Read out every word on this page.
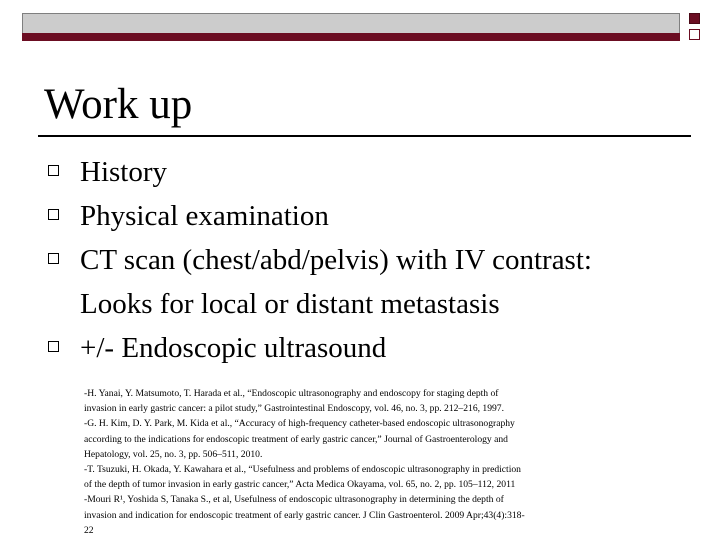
Work up
History
Physical examination
CT scan (chest/abd/pelvis) with IV contrast:
Looks for local or distant metastasis
+/- Endoscopic ultrasound
-H. Yanai, Y. Matsumoto, T. Harada et al., “Endoscopic ultrasonography and endoscopy for staging depth of
invasion in early gastric cancer: a pilot study,” Gastrointestinal Endoscopy, vol. 46, no. 3, pp. 212–216, 1997.
-G. H. Kim, D. Y. Park, M. Kida et al., “Accuracy of high-frequency catheter-based endoscopic ultrasonography
according to the indications for endoscopic treatment of early gastric cancer,” Journal of Gastroenterology and
Hepatology, vol. 25, no. 3, pp. 506–511, 2010.
-T. Tsuzuki, H. Okada, Y. Kawahara et al., “Usefulness and problems of endoscopic ultrasonography in prediction
of the depth of tumor invasion in early gastric cancer,” Acta Medica Okayama, vol. 65, no. 2, pp. 105–112, 2011
-Mouri R¹, Yoshida S, Tanaka S., et al, Usefulness of endoscopic ultrasonography in determining the depth of
invasion and indication for endoscopic treatment of early gastric cancer. J Clin Gastroenterol. 2009 Apr;43(4):318-
22
